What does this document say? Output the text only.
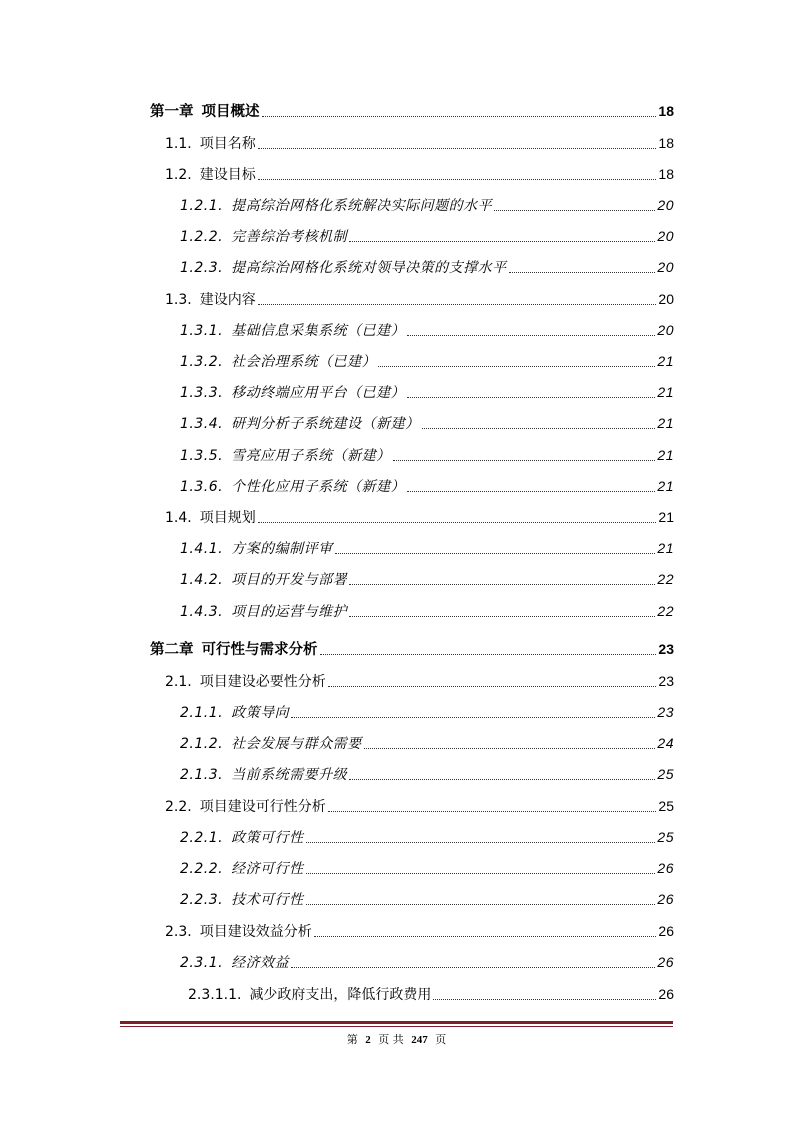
第一章 项目概述	18
1.1. 项目名称	18
1.2. 建设目标	18
1.2.1. 提高综治网格化系统解决实际问题的水平	20
1.2.2. 完善综治考核机制	20
1.2.3. 提高综治网格化系统对领导决策的支撑水平	20
1.3. 建设内容	20
1.3.1. 基础信息采集系统（已建）	20
1.3.2. 社会治理系统（已建）	21
1.3.3. 移动终端应用平台（已建）	21
1.3.4. 研判分析子系统建设（新建）	21
1.3.5. 雪亮应用子系统（新建）	21
1.3.6. 个性化应用子系统（新建）	21
1.4. 项目规划	21
1.4.1. 方案的编制评审	21
1.4.2. 项目的开发与部署	22
1.4.3. 项目的运营与维护	22
第二章 可行性与需求分析	23
2.1. 项目建设必要性分析	23
2.1.1. 政策导向	23
2.1.2. 社会发展与群众需要	24
2.1.3. 当前系统需要升级	25
2.2. 项目建设可行性分析	25
2.2.1. 政策可行性	25
2.2.2. 经济可行性	26
2.2.3. 技术可行性	26
2.3. 项目建设效益分析	26
2.3.1. 经济效益	26
2.3.1.1. 减少政府支出，降低行政费用	26
第 2 页 共 247 页
